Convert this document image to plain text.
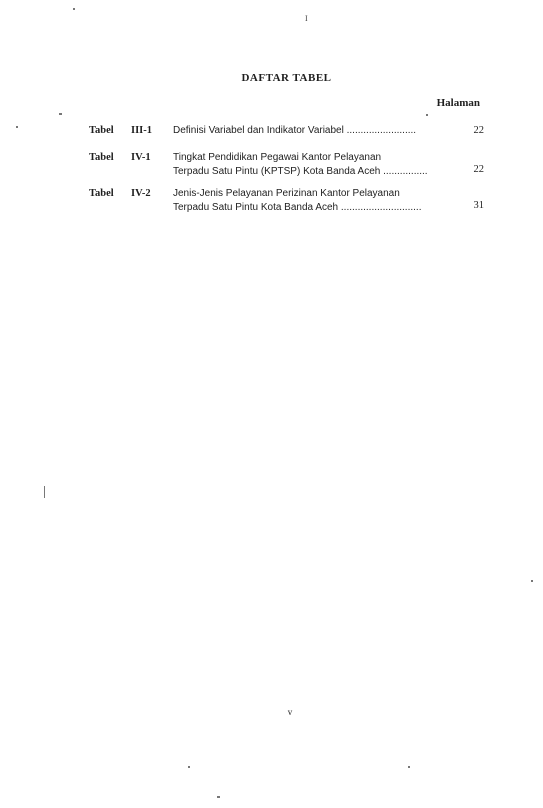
I
DAFTAR TABEL
Halaman
Tabel III-1 Definisi Variabel dan Indikator Variabel .........................	22
Tabel IV-1 Tingkat Pendidikan Pegawai Kantor Pelayanan
Terpadu Satu Pintu (KPTSP) Kota Banda Aceh ................	22
Tabel IV-2 Jenis-Jenis Pelayanan Perizinan Kantor Pelayanan
Terpadu Satu Pintu Kota Banda Aceh .............................	31
v
